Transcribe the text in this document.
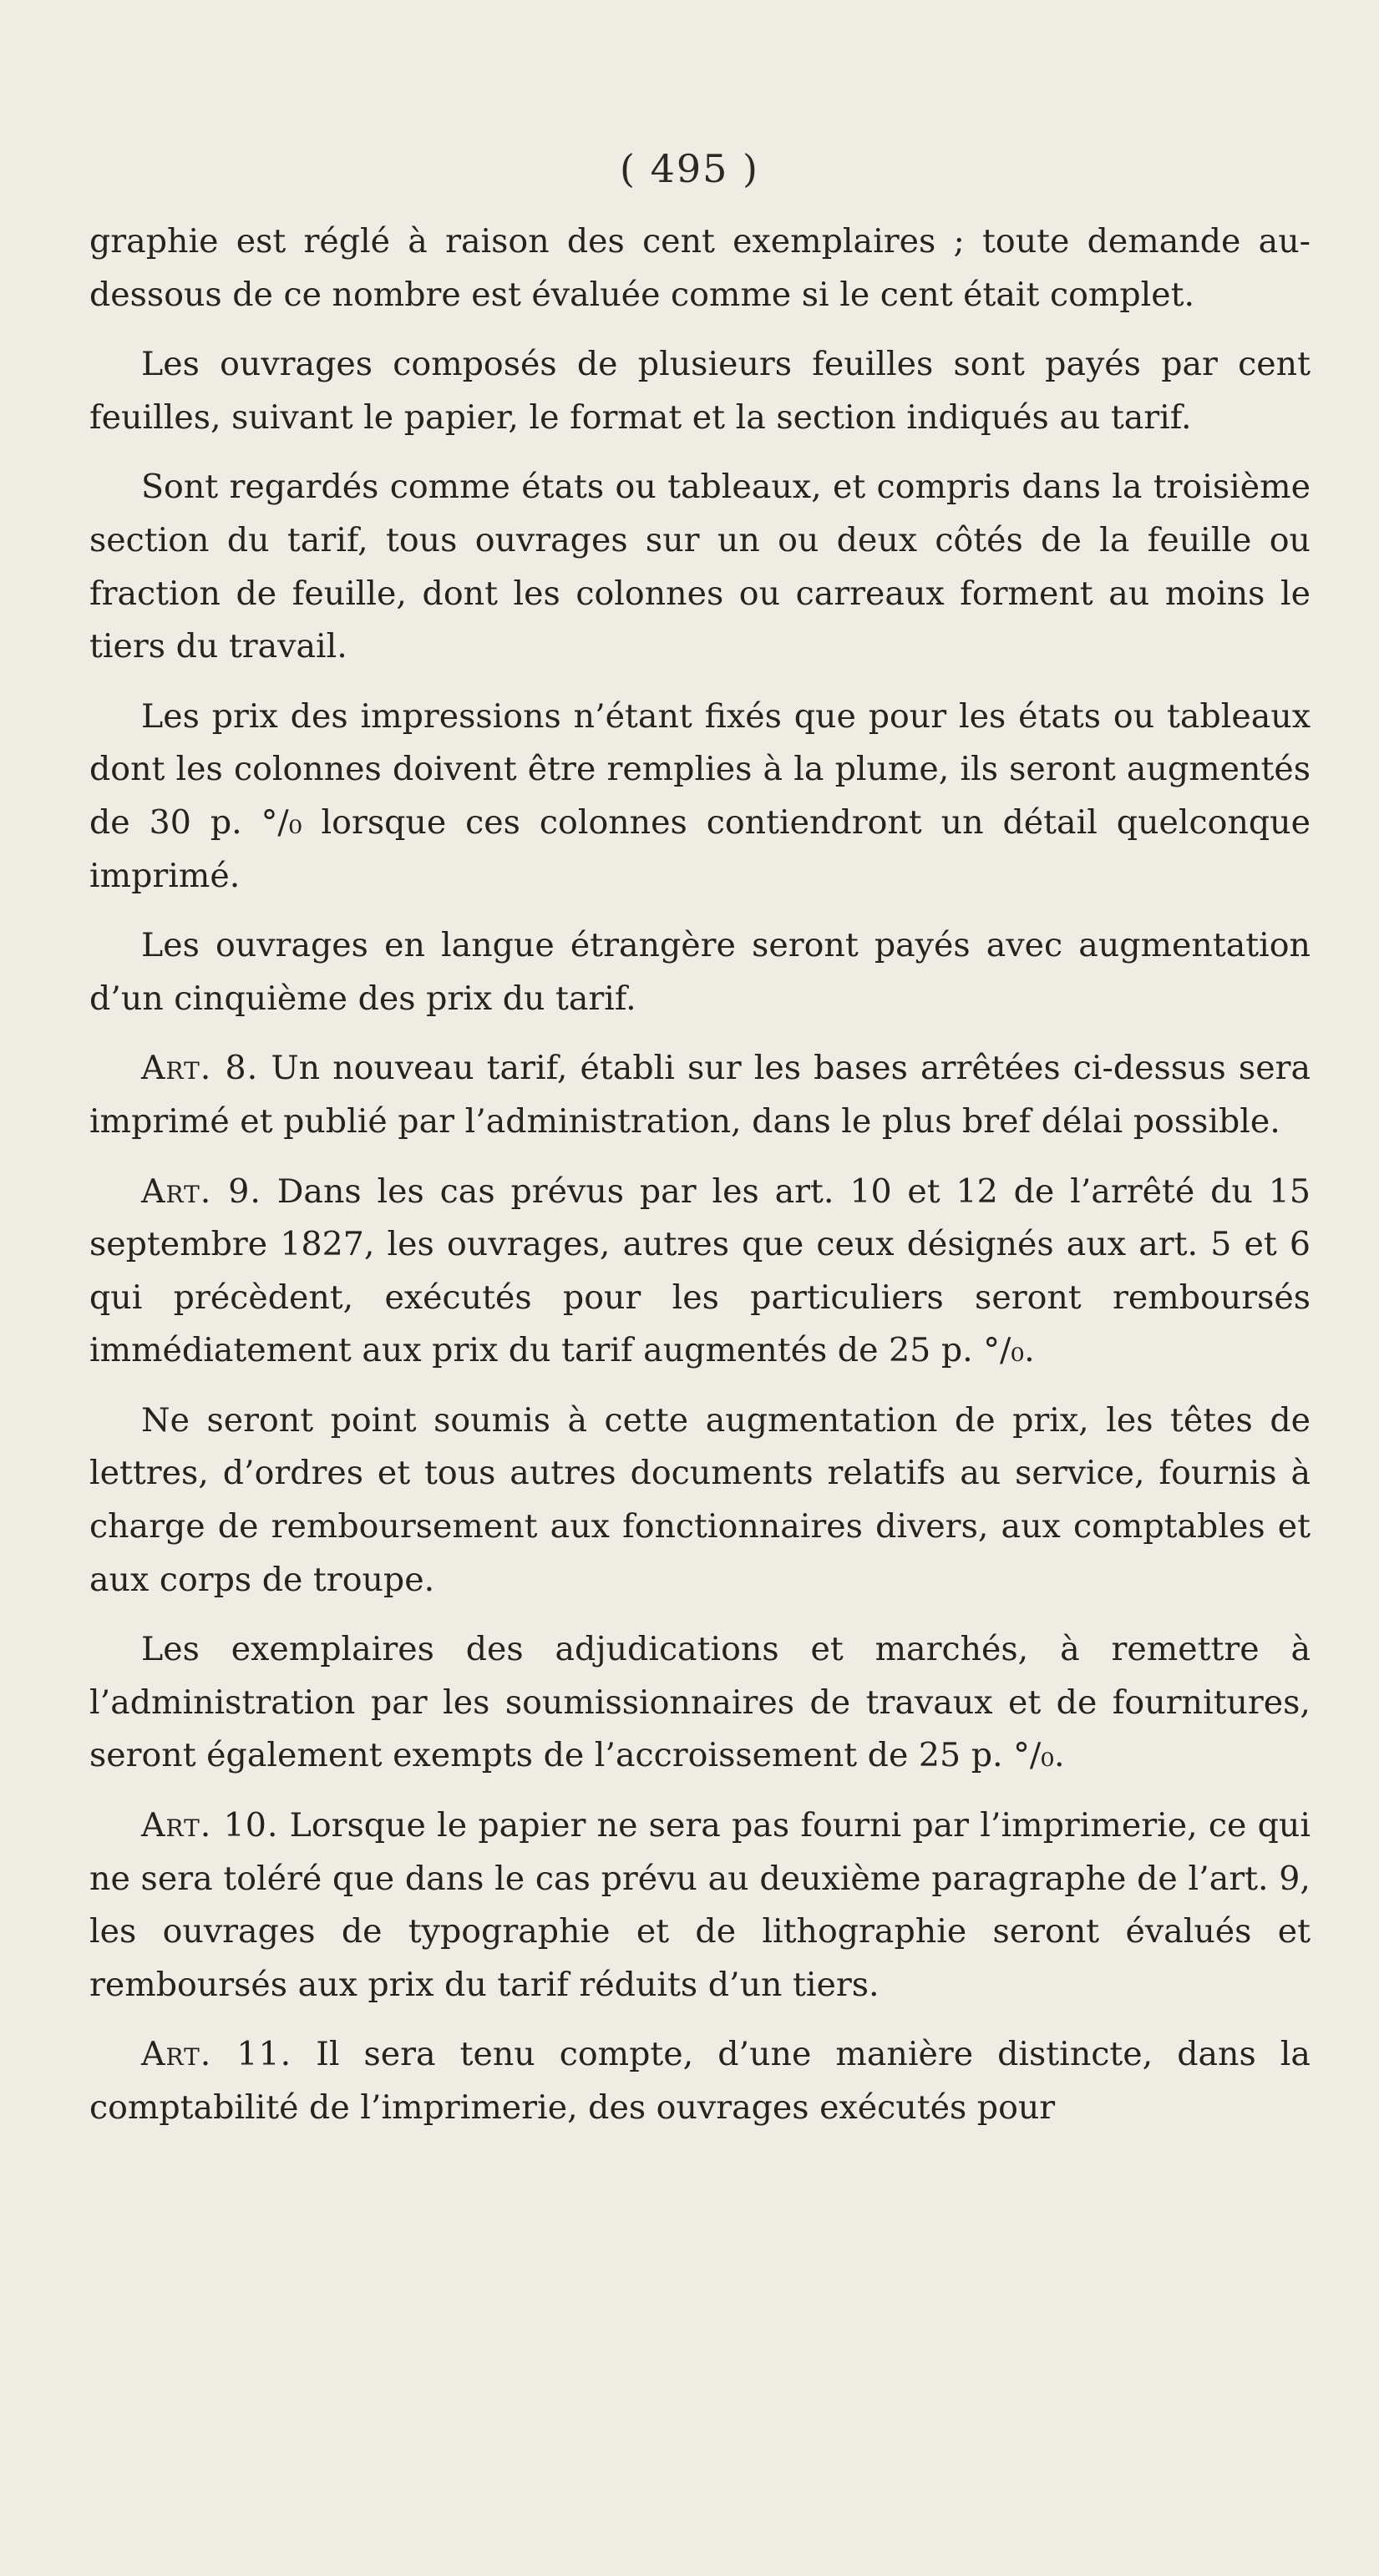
( 495 )

graphie est réglé à raison des cent exemplaires ; toute demande au-dessous de ce nombre est évaluée comme si le cent était complet.

Les ouvrages composés de plusieurs feuilles sont payés par cent feuilles, suivant le papier, le format et la section indiqués au tarif.

Sont regardés comme états ou tableaux, et compris dans la troisième section du tarif, tous ouvrages sur un ou deux côtés de la feuille ou fraction de feuille, dont les colonnes ou carreaux forment au moins le tiers du travail.

Les prix des impressions n’étant fixés que pour les états ou tableaux dont les colonnes doivent être remplies à la plume, ils seront augmentés de 30 p. °/₀ lorsque ces colonnes contiendront un détail quelconque imprimé.

Les ouvrages en langue étrangère seront payés avec augmentation d’un cinquième des prix du tarif.

Art. 8. Un nouveau tarif, établi sur les bases arrêtées ci-dessus sera imprimé et publié par l’administration, dans le plus bref délai possible.

Art. 9. Dans les cas prévus par les art. 10 et 12 de l’arrêté du 15 septembre 1827, les ouvrages, autres que ceux désignés aux art. 5 et 6 qui précèdent, exécutés pour les particuliers seront remboursés immédiatement aux prix du tarif augmentés de 25 p. °/₀.

Ne seront point soumis à cette augmentation de prix, les têtes de lettres, d’ordres et tous autres documents relatifs au service, fournis à charge de remboursement aux fonctionnaires divers, aux comptables et aux corps de troupe.

Les exemplaires des adjudications et marchés, à remettre à l’administration par les soumissionnaires de travaux et de fournitures, seront également exempts de l’accroissement de 25 p. °/₀.

Art. 10. Lorsque le papier ne sera pas fourni par l’imprimerie, ce qui ne sera toléré que dans le cas prévu au deuxième paragraphe de l’art. 9, les ouvrages de typographie et de lithographie seront évalués et remboursés aux prix du tarif réduits d’un tiers.

Art. 11. Il sera tenu compte, d’une manière distincte, dans la comptabilité de l’imprimerie, des ouvrages exécutés pour
